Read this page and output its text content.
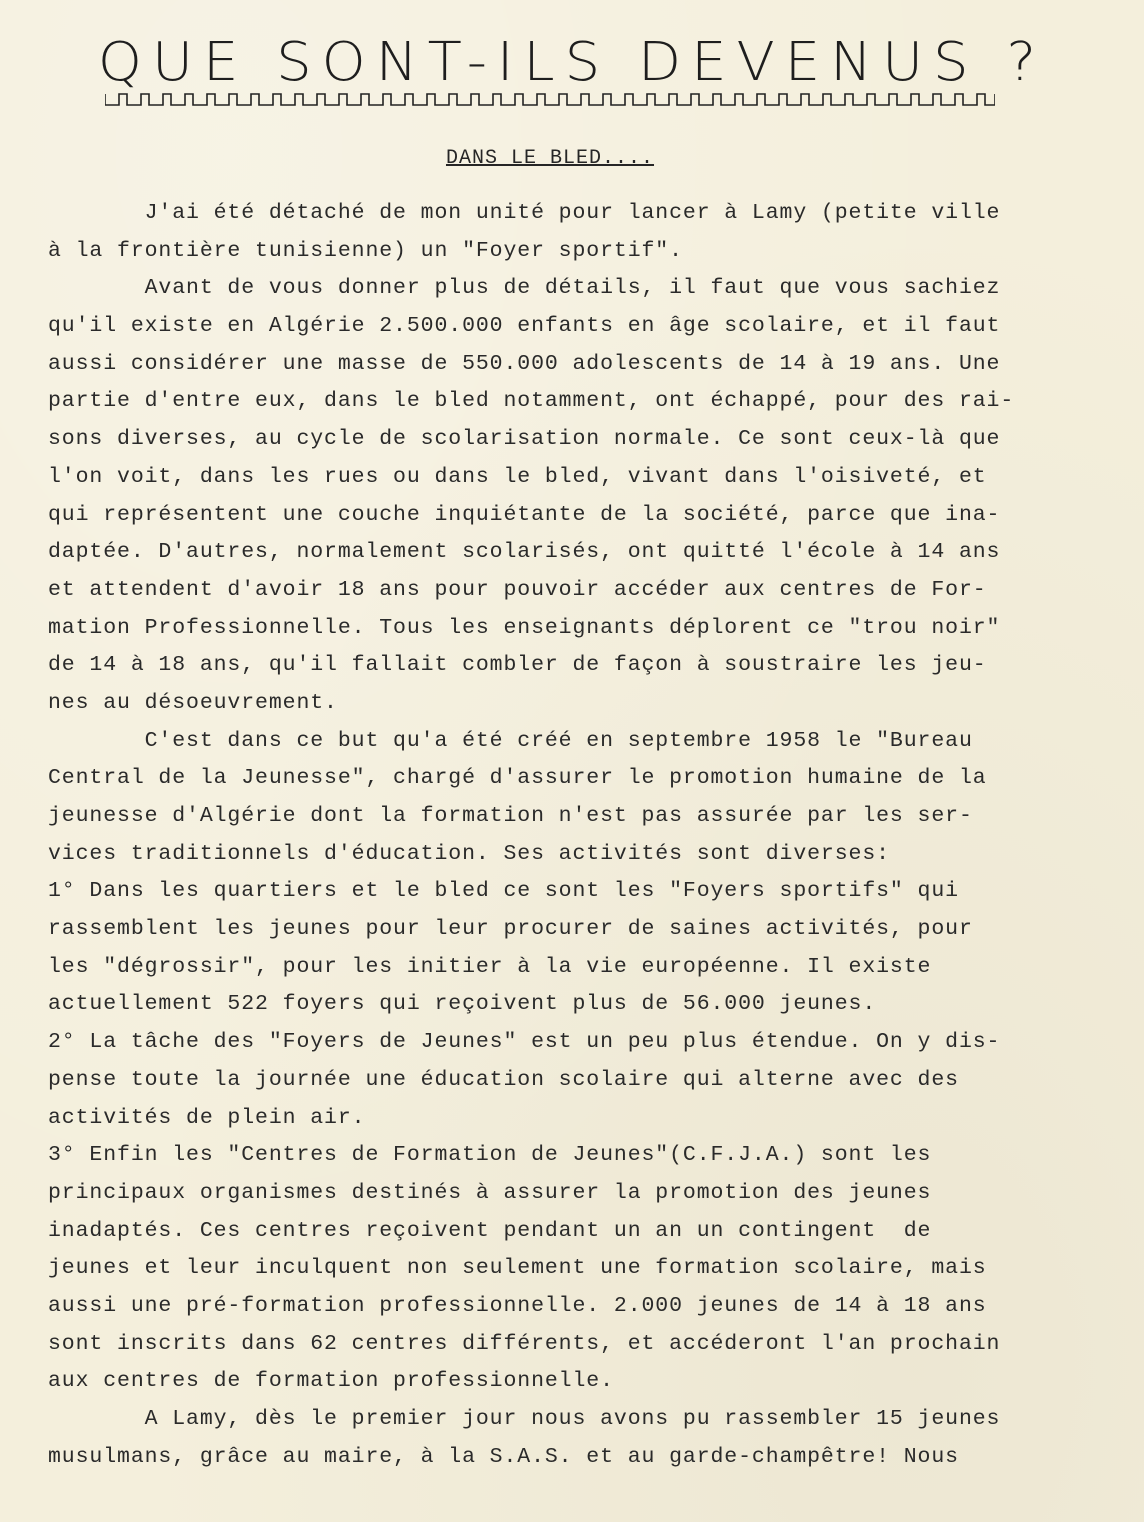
QUE SONT-ILS DEVENUS ?
DANS LE BLED....
J'ai été détaché de mon unité pour lancer à Lamy (petite ville
à la frontière tunisienne) un "Foyer sportif".
Avant de vous donner plus de détails, il faut que vous sachiez
qu'il existe en Algérie 2.500.000 enfants en âge scolaire, et il faut
aussi considérer une masse de 550.000 adolescents de 14 à 19 ans. Une
partie d'entre eux, dans le bled notamment, ont échappé, pour des rai-
sons diverses, au cycle de scolarisation normale. Ce sont ceux-là que
l'on voit, dans les rues ou dans le bled, vivant dans l'oisiveté, et
qui représentent une couche inquiétante de la société, parce que ina-
daptée. D'autres, normalement scolarisés, ont quitté l'école à 14 ans
et attendent d'avoir 18 ans pour pouvoir accéder aux centres de For-
mation Professionnelle. Tous les enseignants déplorent ce "trou noir"
de 14 à 18 ans, qu'il fallait combler de façon à soustraire les jeu-
nes au désoeuvrement.
C'est dans ce but qu'a été créé en septembre 1958 le "Bureau
Central de la Jeunesse", chargé d'assurer le promotion humaine de la
jeunesse d'Algérie dont la formation n'est pas assurée par les ser-
vices traditionnels d'éducation. Ses activités sont diverses:
1° Dans les quartiers et le bled ce sont les "Foyers sportifs" qui
rassemblent les jeunes pour leur procurer de saines activités, pour
les "dégrossir", pour les initier à la vie européenne. Il existe
actuellement 522 foyers qui reçoivent plus de 56.000 jeunes.
2° La tâche des "Foyers de Jeunes" est un peu plus étendue. On y dis-
pense toute la journée une éducation scolaire qui alterne avec des
activités de plein air.
3° Enfin les "Centres de Formation de Jeunes"(C.F.J.A.) sont les
principaux organismes destinés à assurer la promotion des jeunes
inadaptés. Ces centres reçoivent pendant un an un contingent  de
jeunes et leur inculquent non seulement une formation scolaire, mais
aussi une pré-formation professionnelle. 2.000 jeunes de 14 à 18 ans
sont inscrits dans 62 centres différents, et accéderont l'an prochain
aux centres de formation professionnelle.
A Lamy, dès le premier jour nous avons pu rassembler 15 jeunes
musulmans, grâce au maire, à la S.A.S. et au garde-champêtre! Nous
